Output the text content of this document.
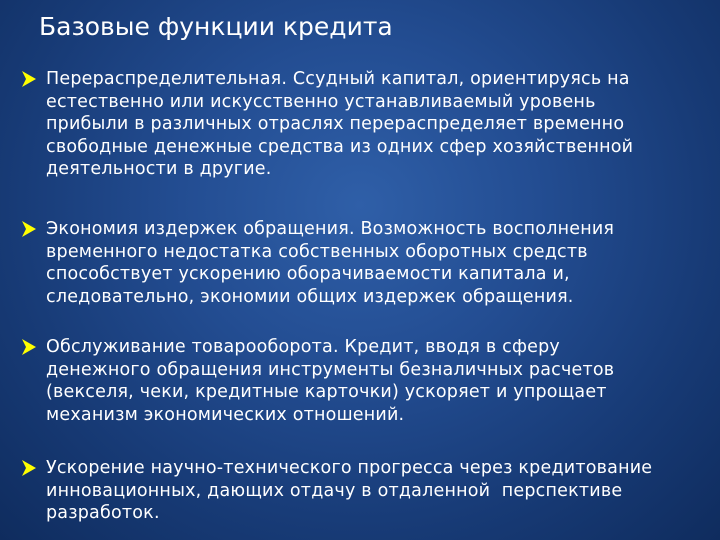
Базовые функции кредита
Перераспределительная. Ссудный капитал, ориентируясь на
естественно или искусственно устанавливаемый уровень
прибыли в различных отраслях перераспределяет временно
свободные денежные средства из одних сфер хозяйственной
деятельности в другие.
Экономия издержек обращения. Возможность восполнения
временного недостатка собственных оборотных средств
способствует ускорению оборачиваемости капитала и,
следовательно, экономии общих издержек обращения.
Обслуживание товарооборота. Кредит, вводя в сферу
денежного обращения инструменты безналичных расчетов
(векселя, чеки, кредитные карточки) ускоряет и упрощает
механизм экономических отношений.
Ускорение научно-технического прогресса через кредитование
инновационных, дающих отдачу в отдаленной  перспективе
разработок.
